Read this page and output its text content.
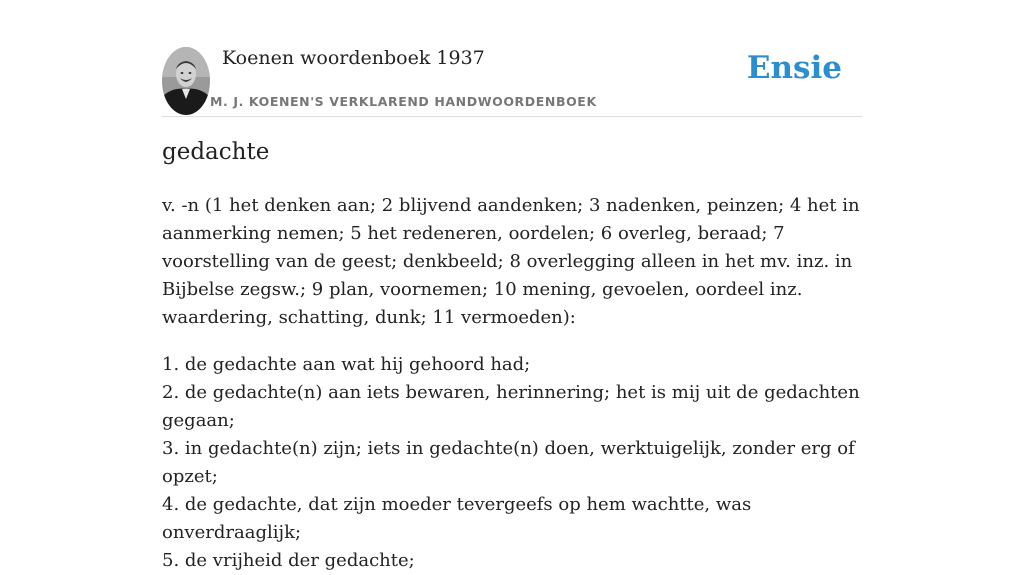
Koenen woordenboek 1937
M. J. KOENEN'S VERKLAREND HANDWOORDENBOEK
Ensie
gedachte

v. -n (1 het denken aan; 2 blijvend aandenken; 3 nadenken, peinzen; 4 het in aanmerking nemen; 5 het redeneren, oordelen; 6 overleg, beraad; 7 voorstelling van de geest; denkbeeld; 8 overlegging alleen in het mv. inz. in Bijbelse zegsw.; 9 plan, voornemen; 10 mening, gevoelen, oordeel inz. waardering, schatting, dunk; 11 vermoeden):

1. de gedachte aan wat hij gehoord had;
2. de gedachte(n) aan iets bewaren, herinnering; het is mij uit de gedachten gegaan;
3. in gedachte(n) zijn; iets in gedachte(n) doen, werktuigelijk, zonder erg of opzet;
4. de gedachte, dat zijn moeder tevergeefs op hem wachtte, was onverdraaglijk;
5. de vrijheid der gedachte;
